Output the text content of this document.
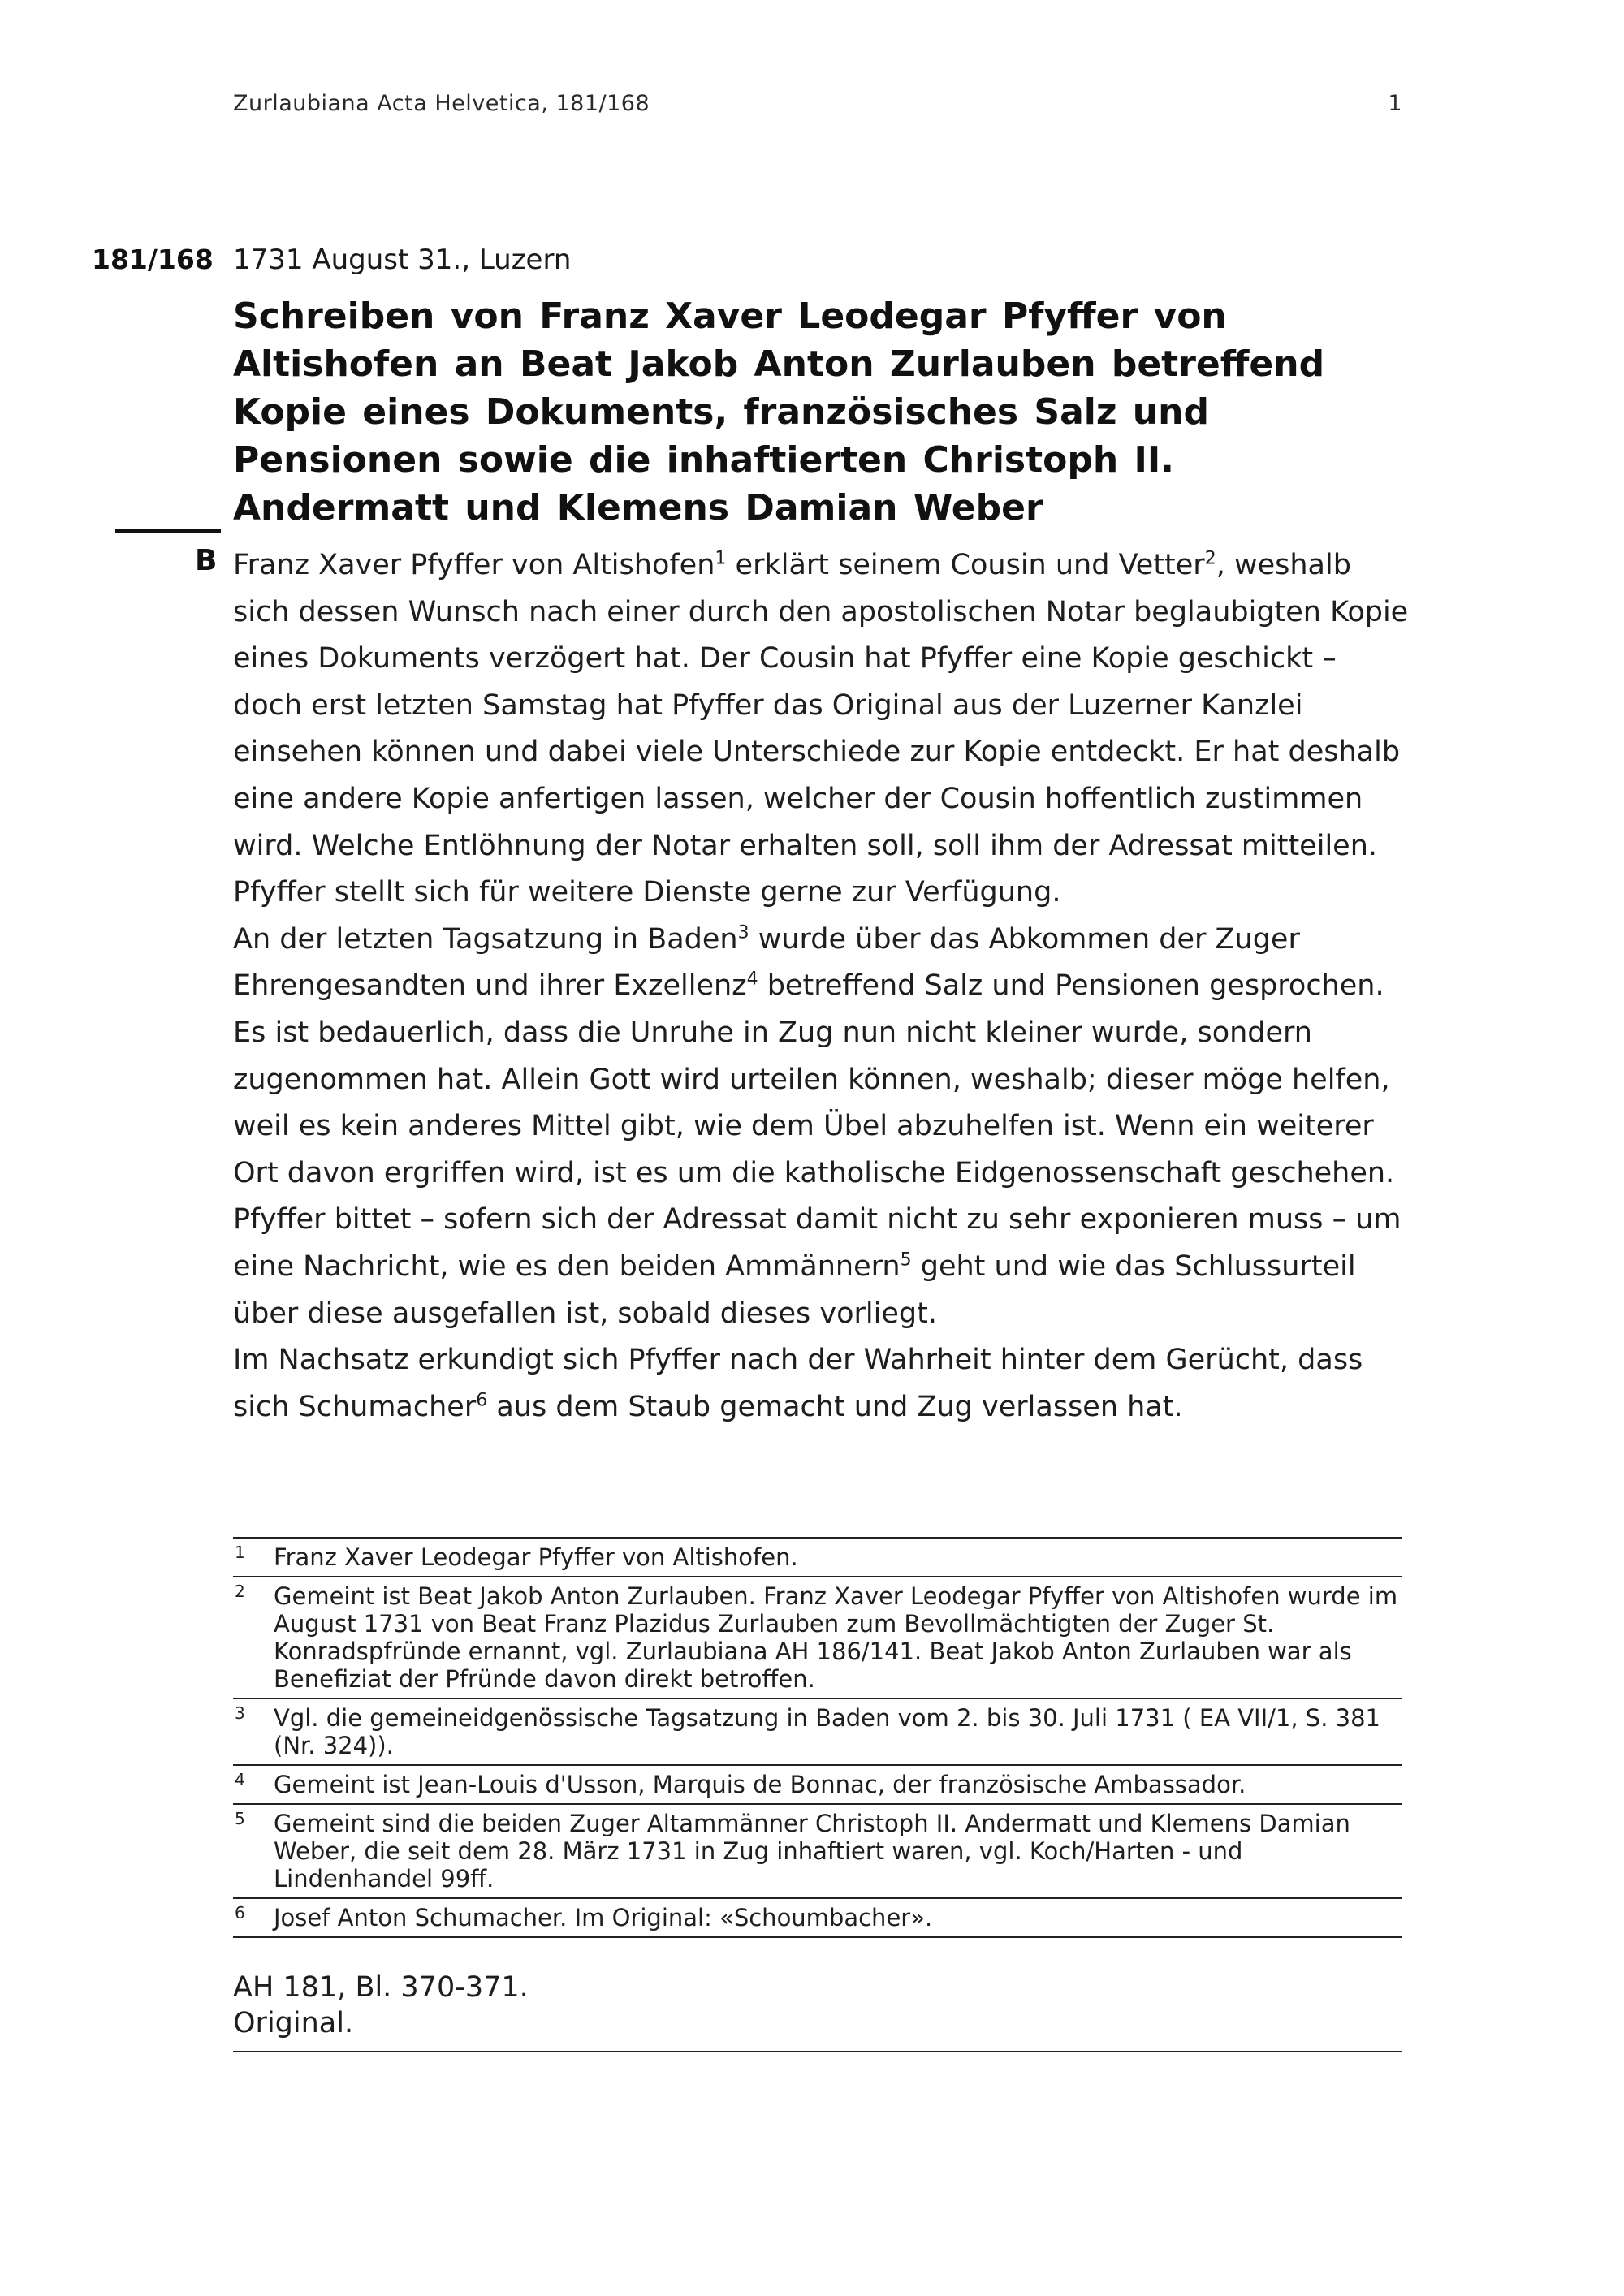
Zurlaubiana Acta Helvetica, 181/168	1
181/168 1731 August 31., Luzern
Schreiben von Franz Xaver Leodegar Pfyffer von Altishofen an Beat Jakob Anton Zurlauben betreffend Kopie eines Dokuments, französisches Salz und Pensionen sowie die inhaftierten Christoph II. Andermatt und Klemens Damian Weber
B Franz Xaver Pfyffer von Altishofen$^1$ erklärt seinem Cousin und Vetter$^2$, weshalb sich dessen Wunsch nach einer durch den apostolischen Notar beglaubigten Kopie eines Dokuments verzögert hat. Der Cousin hat Pfyffer eine Kopie geschickt – doch erst letzten Samstag hat Pfyffer das Original aus der Luzerner Kanzlei einsehen können und dabei viele Unterschiede zur Kopie entdeckt. Er hat deshalb eine andere Kopie anfertigen lassen, welcher der Cousin hoffentlich zustimmen wird. Welche Entlöhnung der Notar erhalten soll, soll ihm der Adressat mitteilen. Pfyffer stellt sich für weitere Dienste gerne zur Verfügung.

An der letzten Tagsatzung in Baden$^3$ wurde über das Abkommen der Zuger Ehrengesandten und ihrer Exzellenz$^4$ betreffend Salz und Pensionen gesprochen. Es ist bedauerlich, dass die Unruhe in Zug nun nicht kleiner wurde, sondern zugenommen hat. Allein Gott wird urteilen können, weshalb; dieser möge helfen, weil es kein anderes Mittel gibt, wie dem Übel abzuhelfen ist. Wenn ein weiterer Ort davon ergriffen wird, ist es um die katholische Eidgenossenschaft geschehen.

Pfyffer bittet – sofern sich der Adressat damit nicht zu sehr exponieren muss – um eine Nachricht, wie es den beiden Ammännern$^5$ geht und wie das Schlussurteil über diese ausgefallen ist, sobald dieses vorliegt.

Im Nachsatz erkundigt sich Pfyffer nach der Wahrheit hinter dem Gerücht, dass sich Schumacher$^6$ aus dem Staub gemacht und Zug verlassen hat.

1 Franz Xaver Leodegar Pfyffer von Altishofen.
2 Gemeint ist Beat Jakob Anton Zurlauben. Franz Xaver Leodegar Pfyffer von Altishofen wurde im August 1731 von Beat Franz Plazidus Zurlauben zum Bevollmächtigten der Zuger St. Konradspfründe ernannt, vgl. Zurlaubiana AH 186/141. Beat Jakob Anton Zurlauben war als Benefiziat der Pfründe davon direkt betroffen.
3 Vgl. die gemeineidgenössische Tagsatzung in Baden vom 2. bis 30. Juli 1731 ( EA VII/1, S. 381 (Nr. 324)).
4 Gemeint ist Jean-Louis d'Usson, Marquis de Bonnac, der französische Ambassador.
5 Gemeint sind die beiden Zuger Altammänner Christoph II. Andermatt und Klemens Damian Weber, die seit dem 28. März 1731 in Zug inhaftiert waren, vgl. Koch/Harten - und Lindenhandel 99ff.
6 Josef Anton Schumacher. Im Original: «Schoumbacher».
AH 181, Bl. 370-371.
Original.
